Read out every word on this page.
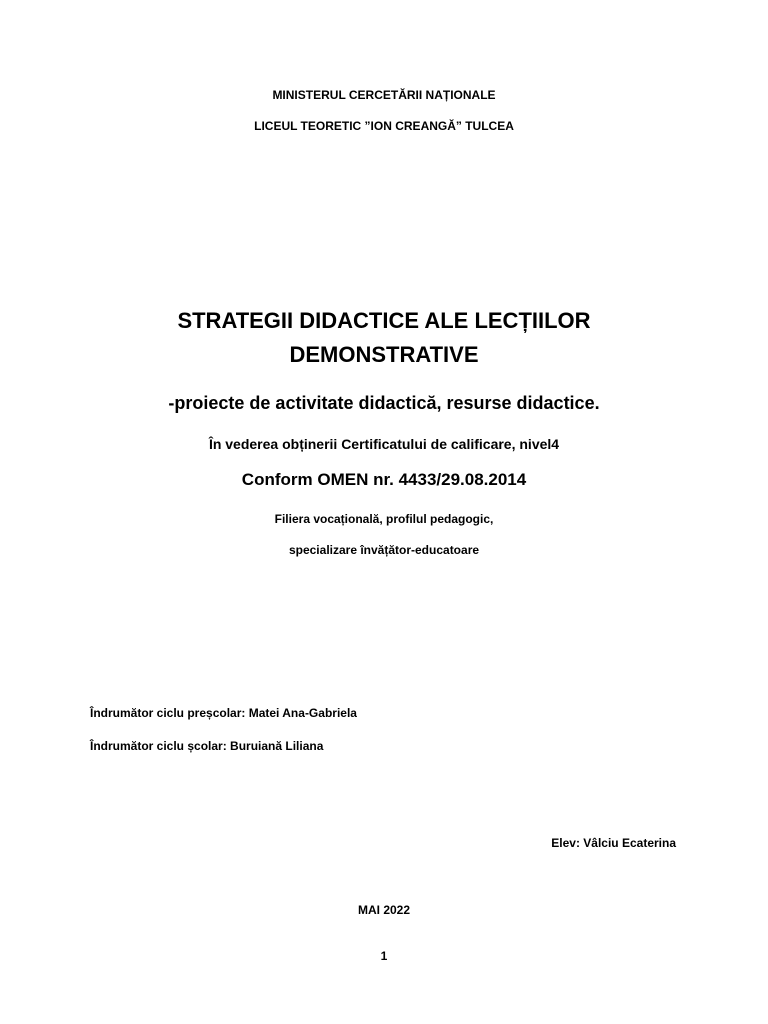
MINISTERUL CERCETĂRII NAȚIONALE
LICEUL TEORETIC ”ION CREANGĂ” TULCEA
STRATEGII DIDACTICE ALE LECȚIILOR
DEMONSTRATIVE
-proiecte de activitate didactică, resurse didactice.
În vederea obținerii Certificatului de calificare, nivel4
Conform OMEN nr. 4433/29.08.2014
Filiera vocațională, profilul pedagogic,
specializare învățător-educatoare
Îndrumător ciclu preșcolar: Matei Ana-Gabriela
Îndrumător ciclu școlar: Buruiană Liliana
Elev: Vâlciu Ecaterina
MAI 2022
1
